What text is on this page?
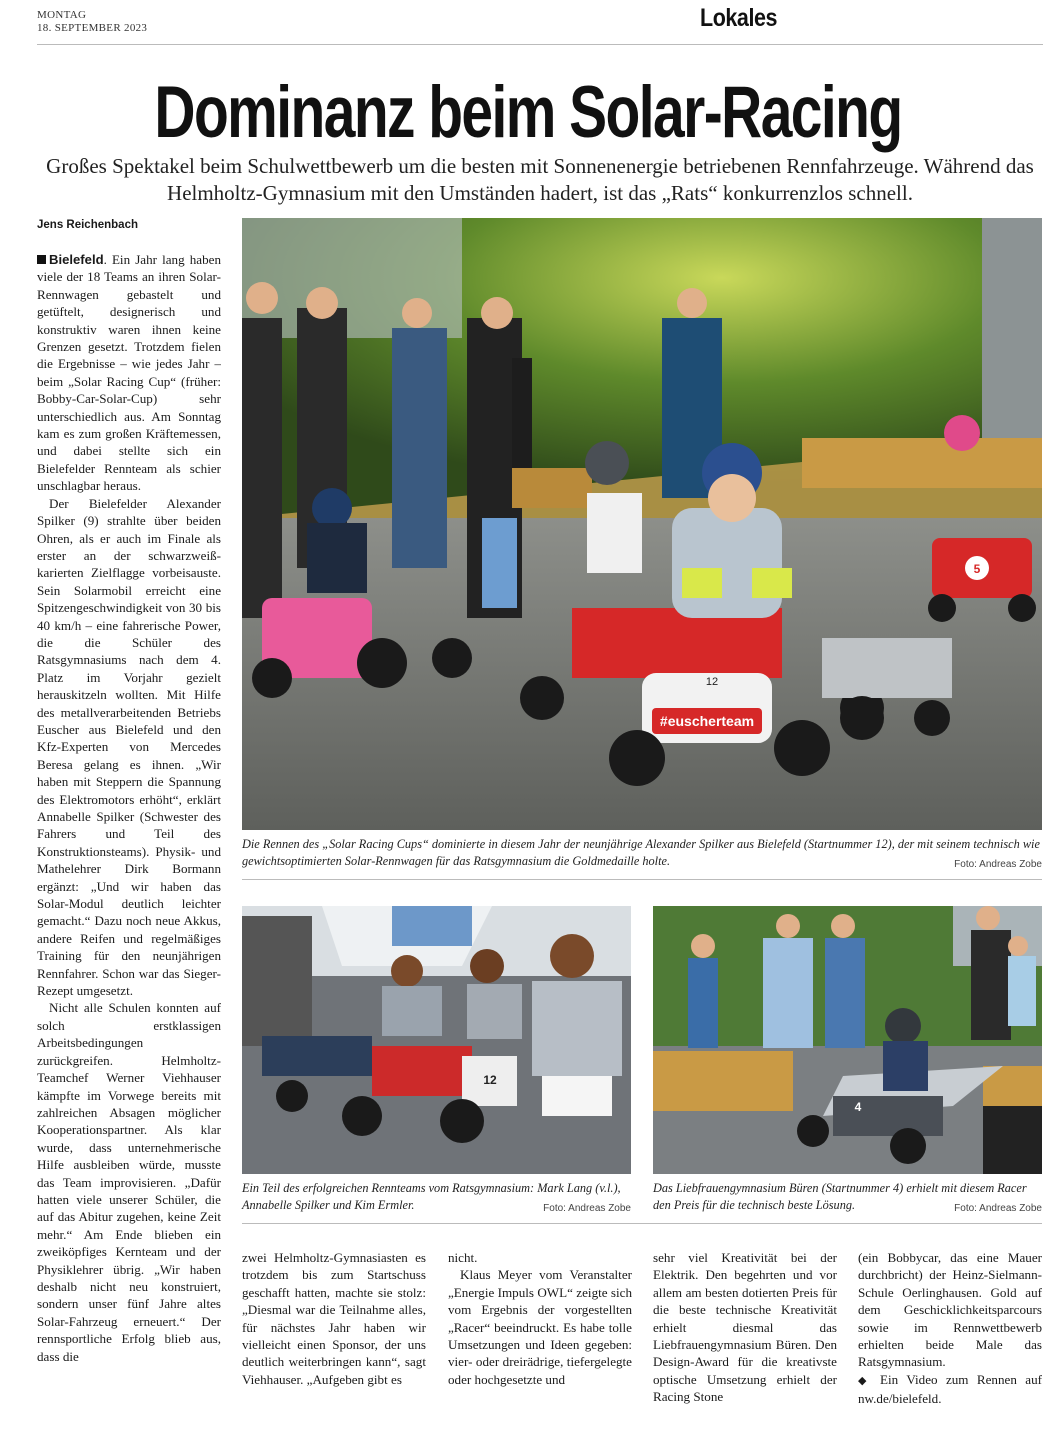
MONTAG
18. SEPTEMBER 2023	Lokales
Dominanz beim Solar-Racing
Großes Spektakel beim Schulwettbewerb um die besten mit Sonnenenergie betriebenen Rennfahrzeuge. Während das Helmholtz-Gymnasium mit den Umständen hadert, ist das „Rats“ konkurrenzlos schnell.
Jens Reichenbach

Bielefeld. Ein Jahr lang haben viele der 18 Teams an ihren Solar-Rennwagen gebastelt und getüftelt, designerisch und konstruktiv waren ihnen keine Grenzen gesetzt. Trotzdem fielen die Ergebnisse – wie jedes Jahr – beim „Solar Racing Cup“ (früher: Bobby-Car-Solar-Cup) sehr unterschiedlich aus. Am Sonntag kam es zum großen Kräftemessen, und dabei stellte sich ein Bielefelder Rennteam als schier unschlagbar heraus.

Der Bielefelder Alexander Spilker (9) strahlte über beiden Ohren, als er auch im Finale als erster an der schwarzweiß-karierten Zielflagge vorbeisauste. Sein Solarmobil erreicht eine Spitzengeschwindigkeit von 30 bis 40 km/h – eine fahrerische Power, die die Schüler des Ratsgymnasiums nach dem 4. Platz im Vorjahr gezielt herauskitzeln wollten. Mit Hilfe des metallverarbeitenden Betriebs Euscher aus Bielefeld und den Kfz-Experten von Mercedes Beresa gelang es ihnen. „Wir haben mit Steppern die Spannung des Elektromotors erhöht“, erklärt Annabelle Spilker (Schwester des Fahrers und Teil des Konstruktionsteams). Physik- und Mathelehrer Dirk Bormann ergänzt: „Und wir haben das Solar-Modul deutlich leichter gemacht.“ Dazu noch neue Akkus, andere Reifen und regelmäßiges Training für den neunjährigen Rennfahrer. Schon war das Sieger-Rezept umgesetzt.

Nicht alle Schulen konnten auf solch erstklassigen Arbeitsbedingungen zurückgreifen. Helmholtz-Teamchef Werner Viehhauser kämpfte im Vorwege bereits mit zahlreichen Absagen möglicher Kooperationspartner. Als klar wurde, dass unternehmerische Hilfe ausbleiben würde, musste das Team improvisieren. „Dafür hatten viele unserer Schüler, die auf das Abitur zugehen, keine Zeit mehr.“ Am Ende blieben ein zweiköpfiges Kernteam und der Physiklehrer übrig. „Wir haben deshalb nicht neu konstruiert, sondern unser fünf Jahre altes Solar-Fahrzeug erneuert.“ Der rennsportliche Erfolg blieb aus, dass die

#euscherteam
12
5
Die Rennen des „Solar Racing Cups“ dominierte in diesem Jahr der neunjährige Alexander Spilker aus Bielefeld (Startnummer 12), der mit seinem technisch wie gewichtsoptimierten Solar-Rennwagen für das Ratsgymnasium die Goldmedaille holte.	Foto: Andreas Zobe
12
Ein Teil des erfolgreichen Rennteams vom Ratsgymnasium: Mark Lang (v.l.), Annabelle Spilker und Kim Ermler.	Foto: Andreas Zobe
4
Das Liebfrauengymnasium Büren (Startnummer 4) erhielt mit diesem Racer den Preis für die technisch beste Lösung.	Foto: Andreas Zobe

zwei Helmholtz-Gymnasiasten es trotzdem bis zum Startschuss geschafft hatten, machte sie stolz: „Diesmal war die Teilnahme alles, für nächstes Jahr haben wir vielleicht einen Sponsor, der uns deutlich weiterbringen kann“, sagt Viehhauser. „Aufgeben gibt es

nicht.

Klaus Meyer vom Veranstalter „Energie Impuls OWL“ zeigte sich vom Ergebnis der vorgestellten „Racer“ beeindruckt. Es habe tolle Umsetzungen und Ideen gegeben: vier- oder dreirädrige, tiefergelegte oder hochgesetzte und

sehr viel Kreativität bei der Elektrik. Den begehrten und vor allem am besten dotierten Preis für die beste technische Kreativität erhielt diesmal das Liebfrauengymnasium Büren. Den Design-Award für die kreativste optische Umsetzung erhielt der Racing Stone

(ein Bobbycar, das eine Mauer durchbricht) der Heinz-Sielmann-Schule Oerlinghausen. Gold auf dem Geschicklichkeitsparcours sowie im Rennwettbewerb erhielten beide Male das Ratsgymnasium.

◆ Ein Video zum Rennen auf nw.de/bielefeld.
